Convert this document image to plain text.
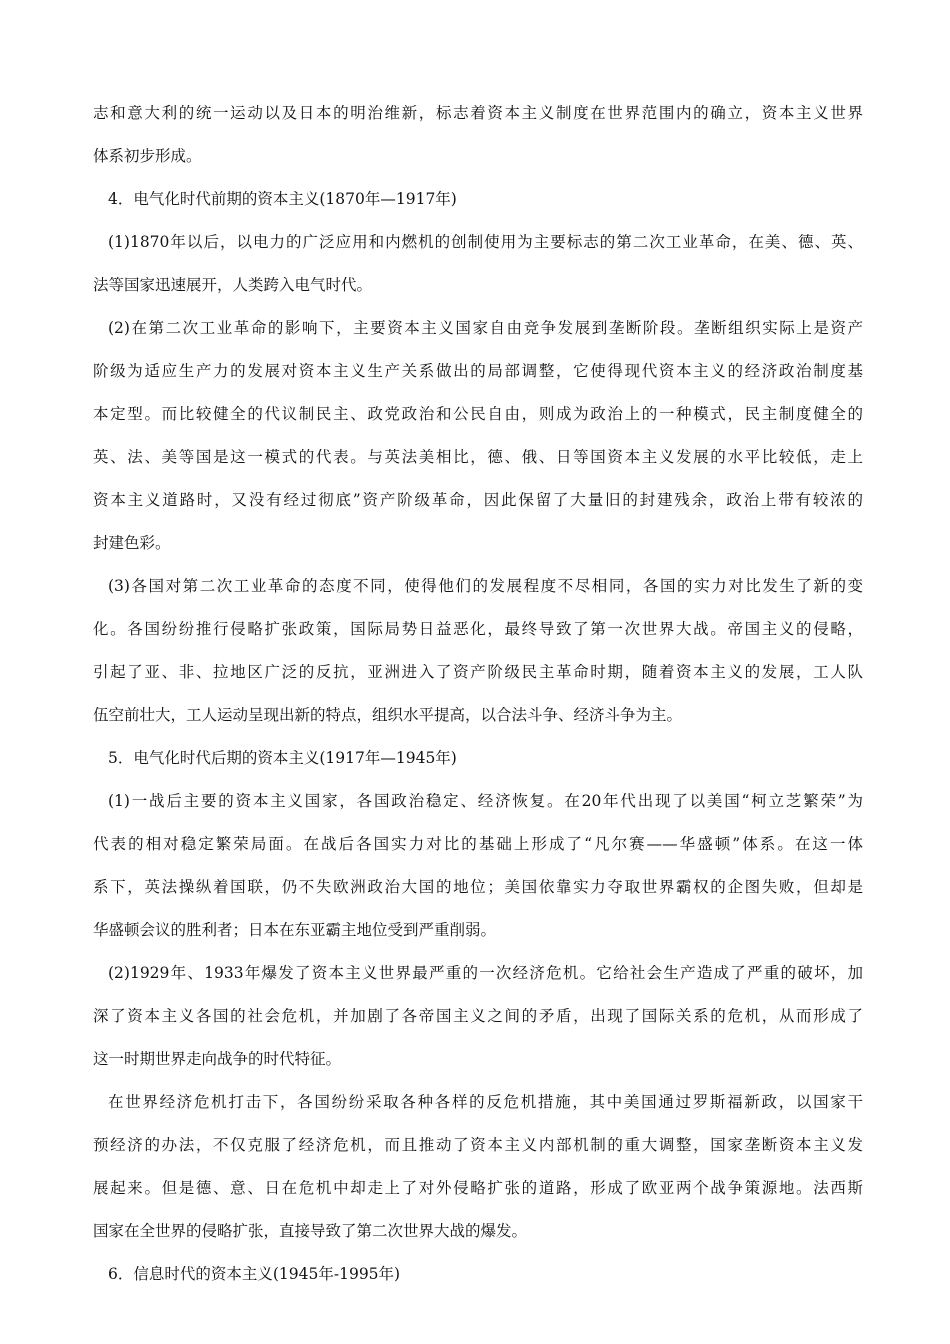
志和意大利的统一运动以及日本的明治维新，标志着资本主义制度在世界范围内的确立，资本主义世界
体系初步形成。
4．电气化时代前期的资本主义(1870年—1917年)
(1)1870年以后，以电力的广泛应用和内燃机的创制使用为主要标志的第二次工业革命，在美、德、英、
法等国家迅速展开，人类跨入电气时代。
(2)在第二次工业革命的影响下，主要资本主义国家自由竞争发展到垄断阶段。垄断组织实际上是资产
阶级为适应生产力的发展对资本主义生产关系做出的局部调整，它使得现代资本主义的经济政治制度基
本定型。而比较健全的代议制民主、政党政治和公民自由，则成为政治上的一种模式，民主制度健全的
英、法、美等国是这一模式的代表。与英法美相比，德、俄、日等国资本主义发展的水平比较低，走上
资本主义道路时，又没有经过彻底”资产阶级革命，因此保留了大量旧的封建残余，政治上带有较浓的
封建色彩。
(3)各国对第二次工业革命的态度不同，使得他们的发展程度不尽相同，各国的实力对比发生了新的变
化。各国纷纷推行侵略扩张政策，国际局势日益恶化，最终导致了第一次世界大战。帝国主义的侵略，
引起了亚、非、拉地区广泛的反抗，亚洲进入了资产阶级民主革命时期，随着资本主义的发展，工人队
伍空前壮大，工人运动呈现出新的特点，组织水平提高，以合法斗争、经济斗争为主。
5．电气化时代后期的资本主义(1917年—1945年)
(1)一战后主要的资本主义国家，各国政治稳定、经济恢复。在20年代出现了以美国“柯立芝繁荣”为
代表的相对稳定繁荣局面。在战后各国实力对比的基础上形成了“凡尔赛——华盛顿”体系。在这一体
系下，英法操纵着国联，仍不失欧洲政治大国的地位；美国依靠实力夺取世界霸权的企图失败，但却是
华盛顿会议的胜利者；日本在东亚霸主地位受到严重削弱。
(2)1929年、1933年爆发了资本主义世界最严重的一次经济危机。它给社会生产造成了严重的破坏，加
深了资本主义各国的社会危机，并加剧了各帝国主义之间的矛盾，出现了国际关系的危机，从而形成了
这一时期世界走向战争的时代特征。
在世界经济危机打击下，各国纷纷采取各种各样的反危机措施，其中美国通过罗斯福新政，以国家干
预经济的办法，不仅克服了经济危机，而且推动了资本主义内部机制的重大调整，国家垄断资本主义发
展起来。但是德、意、日在危机中却走上了对外侵略扩张的道路，形成了欧亚两个战争策源地。法西斯
国家在全世界的侵略扩张，直接导致了第二次世界大战的爆发。
6．信息时代的资本主义(1945年-1995年)
